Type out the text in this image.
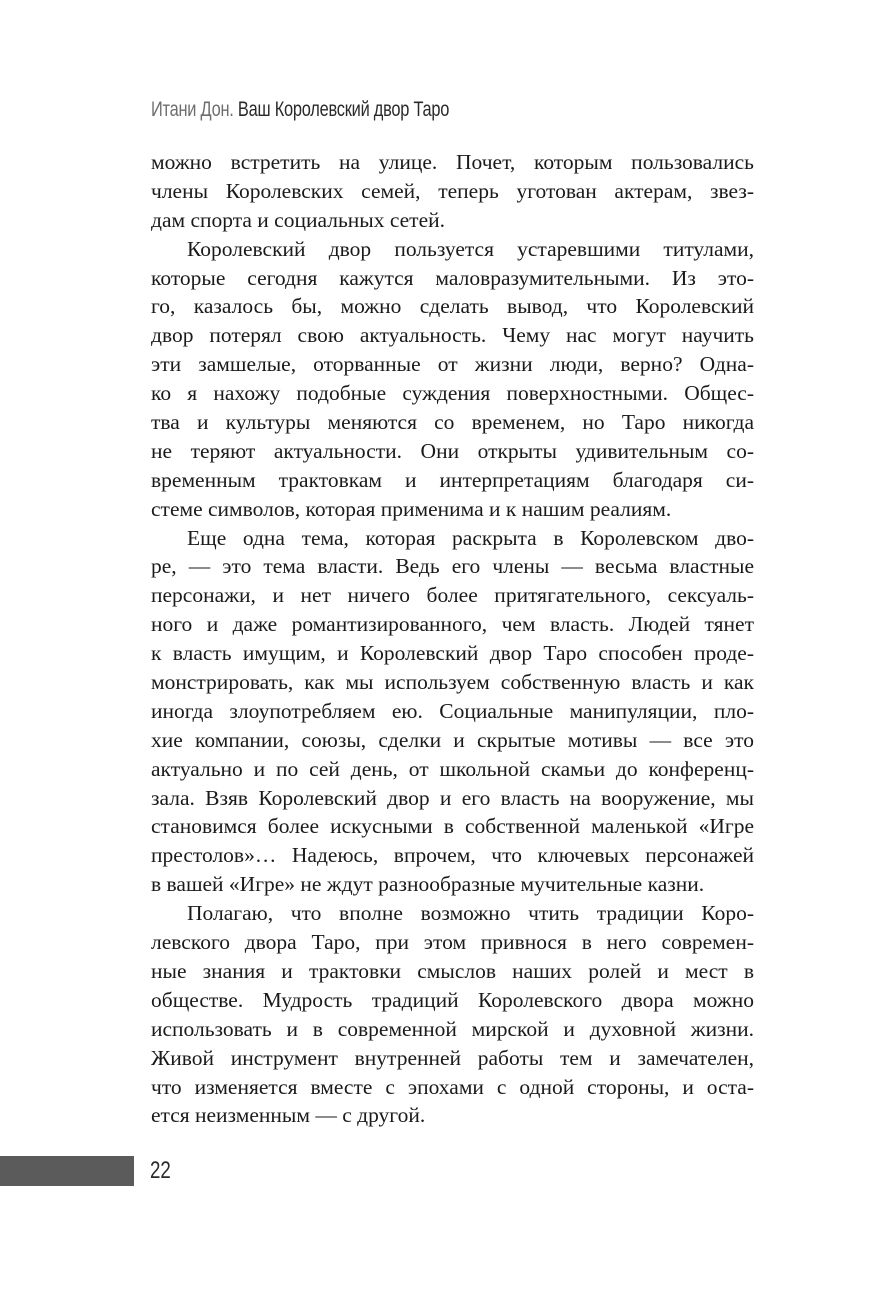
Итани Дон. Ваш Королевский двор Таро
можно встретить на улице. Почет, которым пользовались
члены Королевских семей, теперь уготован актерам, звез-
дам спорта и социальных сетей.
Королевский двор пользуется устаревшими титулами,
которые сегодня кажутся маловразумительными. Из это-
го, казалось бы, можно сделать вывод, что Королевский
двор потерял свою актуальность. Чему нас могут научить
эти замшелые, оторванные от жизни люди, верно? Одна-
ко я нахожу подобные суждения поверхностными. Общес-
тва и культуры меняются со временем, но Таро никогда
не теряют актуальности. Они открыты удивительным со-
временным трактовкам и интерпретациям благодаря си-
стеме символов, которая применима и к нашим реалиям.
Еще одна тема, которая раскрыта в Королевском дво-
ре, — это тема власти. Ведь его члены — весьма властные
персонажи, и нет ничего более притягательного, сексуаль-
ного и даже романтизированного, чем власть. Людей тянет
к власть имущим, и Королевский двор Таро способен проде-
монстрировать, как мы используем собственную власть и как
иногда злоупотребляем ею. Социальные манипуляции, пло-
хие компании, союзы, сделки и скрытые мотивы — все это
актуально и по сей день, от школьной скамьи до конференц-
зала. Взяв Королевский двор и его власть на вооружение, мы
становимся более искусными в собственной маленькой «Игре
престолов»… Надеюсь, впрочем, что ключевых персонажей
в вашей «Игре» не ждут разнообразные мучительные казни.
Полагаю, что вполне возможно чтить традиции Коро-
левского двора Таро, при этом привнося в него современ-
ные знания и трактовки смыслов наших ролей и мест в
обществе. Мудрость традиций Королевского двора можно
использовать и в современной мирской и духовной жизни.
Живой инструмент внутренней работы тем и замечателен,
что изменяется вместе с эпохами с одной стороны, и оста-
ется неизменным — с другой.
22
